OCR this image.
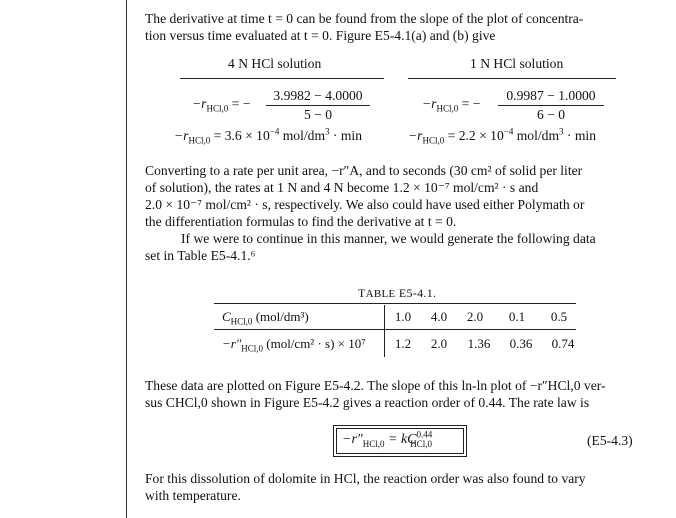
The derivative at time t = 0 can be found from the slope of the plot of concentra-
tion versus time evaluated at t = 0. Figure E5-4.1(a) and (b) give
4 N HCl solution	1 N HCl solution
$-r_{HCl,0}$ = −
3.9982 − 4.0000
5 − 0
$-r_{HCl,0} = 3.6 \times 10^{-4}$ mol/$dm^3 \cdot \min$
$-r_{HCl,0}$ = −
0.9987 − 1.0000
6 − 0
$-r_{HCl,0} = 2.2 \times 10^{-4}$ mol/$dm^3 \cdot \min$
Converting to a rate per unit area, −r″A, and to seconds (30 cm² of solid per liter
of solution), the rates at 1 N and 4 N become 1.2 × 10⁻⁷ mol/cm² · s and
2.0 × 10⁻⁷ mol/cm² · s, respectively. We also could have used either Polymath or
the differentiation formulas to find the derivative at t = 0.
If we were to continue in this manner, we would generate the following data
set in Table E5-4.1.⁶
TABLE E5-4.1.
$C_{HCl,0}$ (mol/dm³)	1.0	4.0	2.0	0.1	0.5
$-r''_{HCl,0}$ (mol/cm² · s) × 10⁷	1.2	2.0	1.36	0.36	0.74
These data are plotted on Figure E5-4.2. The slope of this ln-ln plot of −r″HCl,0 ver-
sus CHCl,0 shown in Figure E5-4.2 gives a reaction order of 0.44. The rate law is
$-r''_{HCl,0} = kC^{0.44}_{HCl,0}$	(E5-4.3)
For this dissolution of dolomite in HCl, the reaction order was also found to vary
with temperature.
